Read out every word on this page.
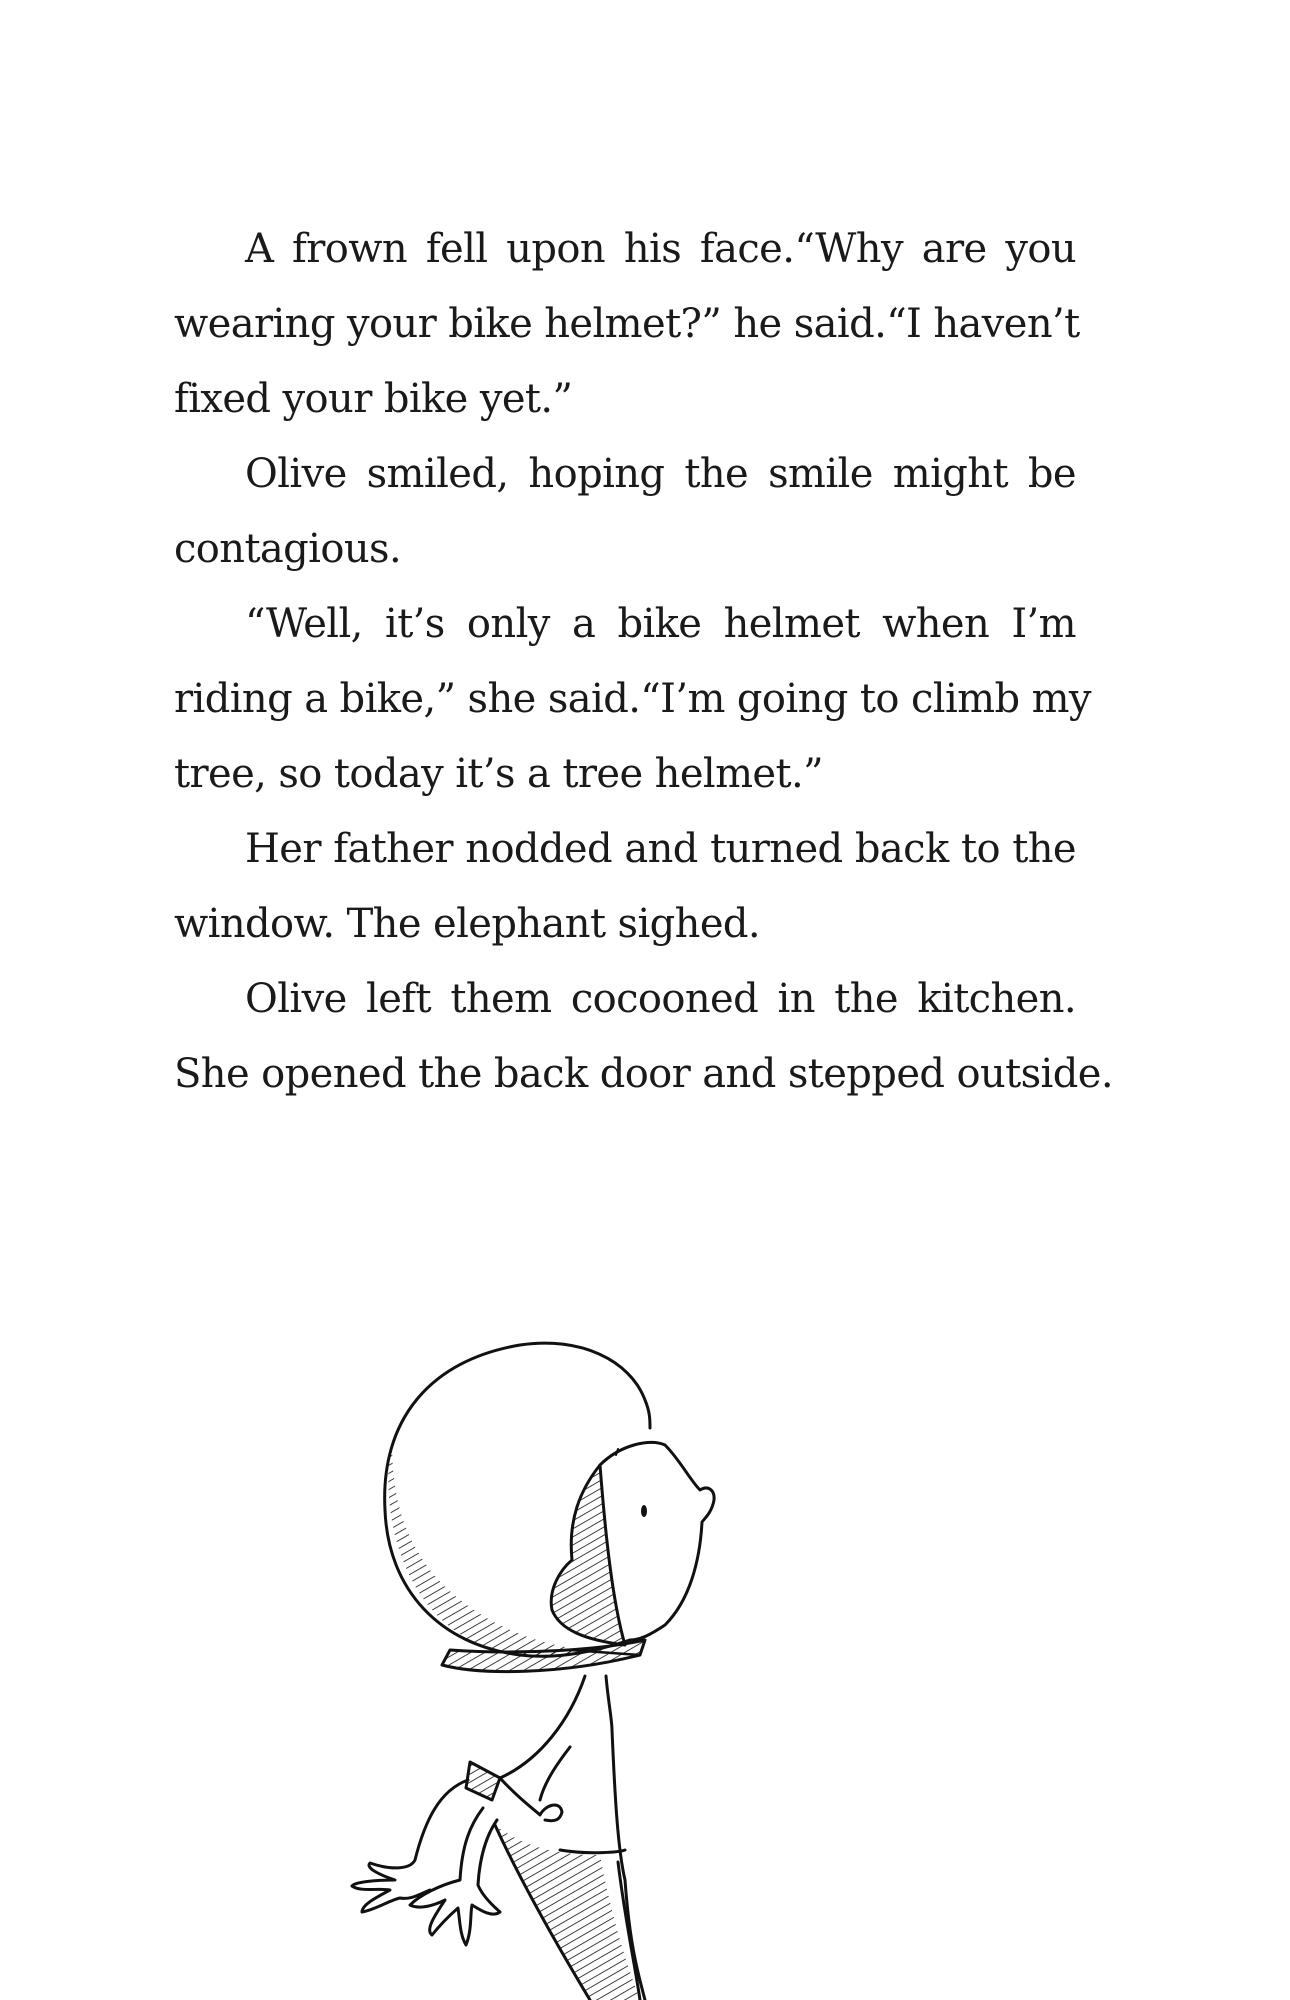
A frown fell upon his face.“Why are you
wearing your bike helmet?” he said.“I haven’t
fixed your bike yet.”
Olive smiled, hoping the smile might be
contagious.
“Well, it’s only a bike helmet when I’m
riding a bike,” she said.“I’m going to climb my
tree, so today it’s a tree helmet.”
Her father nodded and turned back to the
window. The elephant sighed.
Olive left them cocooned in the kitchen.
She opened the back door and stepped outside.
